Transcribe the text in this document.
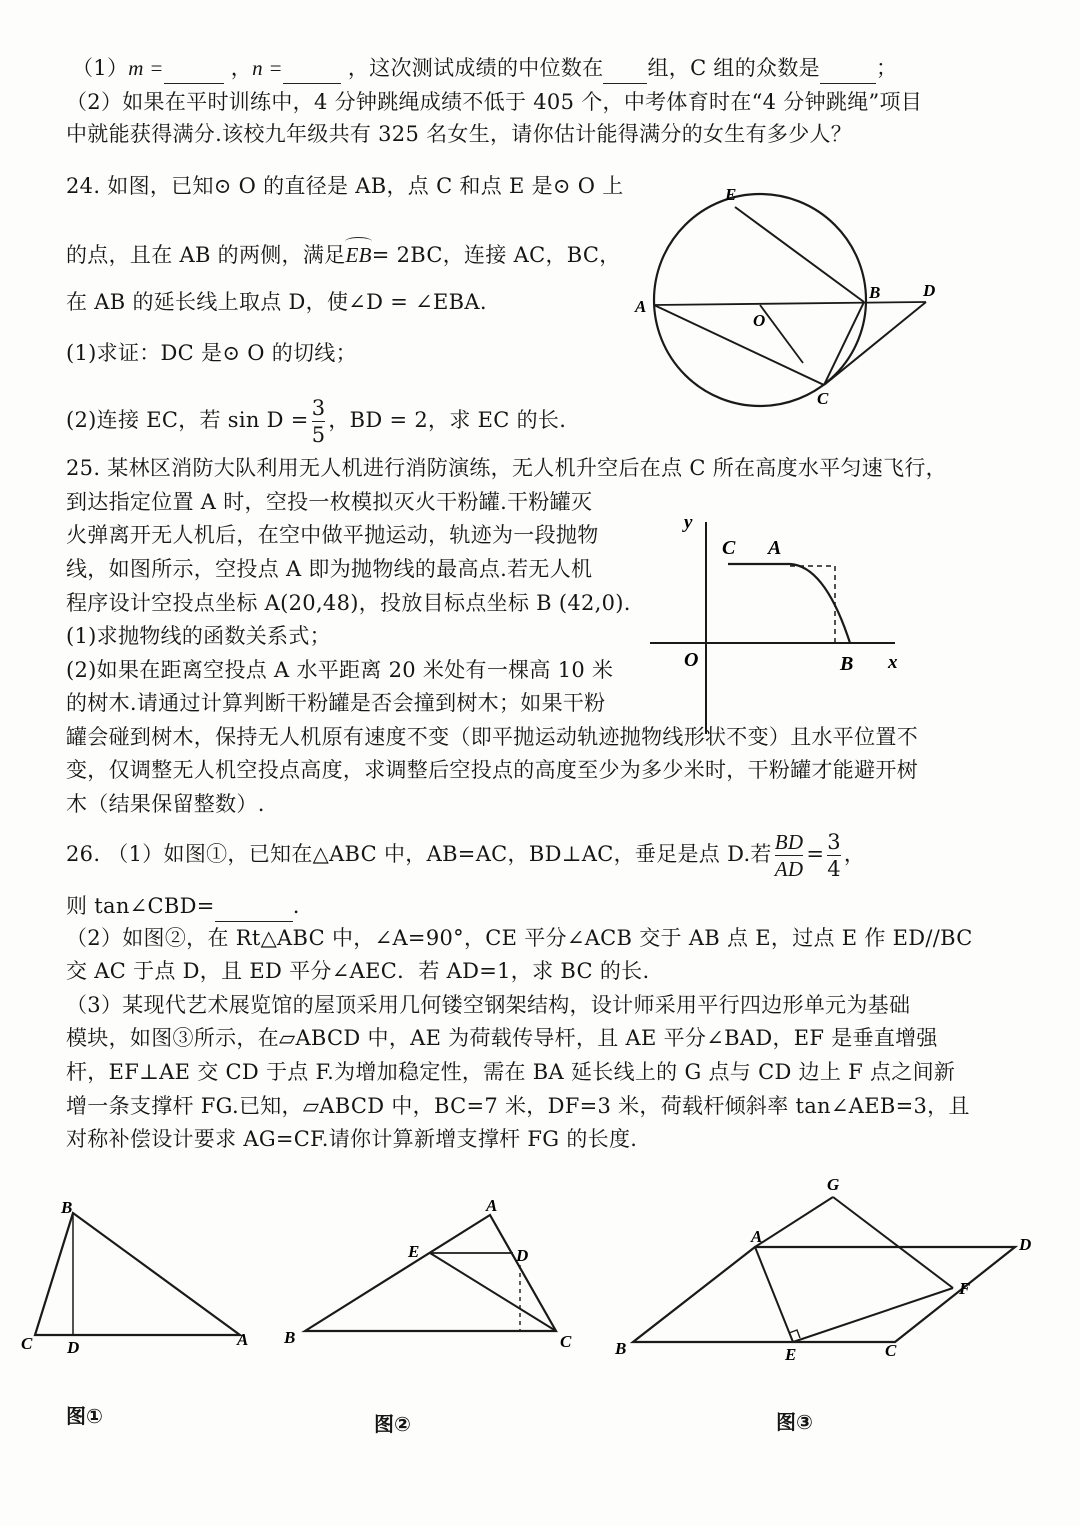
（1）m =	，n =	，这次测试成绩的中位数在 组，C 组的众数是	；
（2）如果在平时训练中，4 分钟跳绳成绩不低于 405 个，中考体育时在“4 分钟跳绳”项目
中就能获得满分.该校九年级共有 325 名女生，请你估计能得满分的女生有多少人？
24. 如图，已知⊙ O 的直径是 AB，点 C 和点 E 是⊙ O 上
的点，且在 AB 的两侧，满足EB
= 2BC，连接 AC，BC，
在 AB 的延长线上取点 D，使∠D = ∠EBA.
(1)求证：DC 是⊙ O 的切线；
(2)连接 EC，若 $\sin D = \frac{3}{5}$ ，BD = 2，求 EC 的长.
E
A
B	D
O
C
25. 某林区消防大队利用无人机进行消防演练，无人机升空后在点 C 所在高度水平匀速飞行，
到达指定位置 A 时，空投一枚模拟灭火干粉罐.干粉罐灭
火弹离开无人机后，在空中做平抛运动，轨迹为一段抛物
线，如图所示，空投点 A 即为抛物线的最高点.若无人机
程序设计空投点坐标 A(20,48)，投放目标点坐标 B (42,0).
(1)求抛物线的函数关系式；
(2)如果在距离空投点 A 水平距离 20 米处有一棵高 10 米
的树木.请通过计算判断干粉罐是否会撞到树木；如果干粉
罐会碰到树木，保持无人机原有速度不变（即平抛运动轨迹抛物线形状不变）且水平位置不
变，仅调整无人机空投点高度，求调整后空投点的高度至少为多少米时，干粉罐才能避开树
木（结果保留整数）.
y
C A
O	B x
26. （1）如图①，已知在△ABC 中，AB=AC，BD⊥AC，垂足是点 D.若 $\frac{BD}{AD} = \frac{3}{4}$ ，
则 tan∠CBD=	.
（2）如图②，在 Rt△ABC 中，∠A=90°，CE 平分∠ACB 交于 AB 点 E，过点 E 作 ED//BC
交 AC 于点 D，且 ED 平分∠AEC．若 AD=1，求 BC 的长.
（3）某现代艺术展览馆的屋顶采用几何镂空钢架结构，设计师采用平行四边形单元为基础
模块，如图③所示，在▱ABCD 中，AE 为荷载传导杆，且 AE 平分∠BAD，EF 是垂直增强
杆，EF⊥AE 交 CD 于点 F.为增加稳定性，需在 BA 延长线上的 G 点与 CD 边上 F 点之间新
增一条支撑杆 FG.已知，▱ABCD 中，BC=7 米，DF=3 米，荷载杆倾斜率 tan∠AEB=3，且
对称补偿设计要求 AG=CF.请你计算新增支撑杆 FG 的长度.
B
C D	A
A
E	D
B	C
G
A	D
F
B	E	C
图①	图②	图③
